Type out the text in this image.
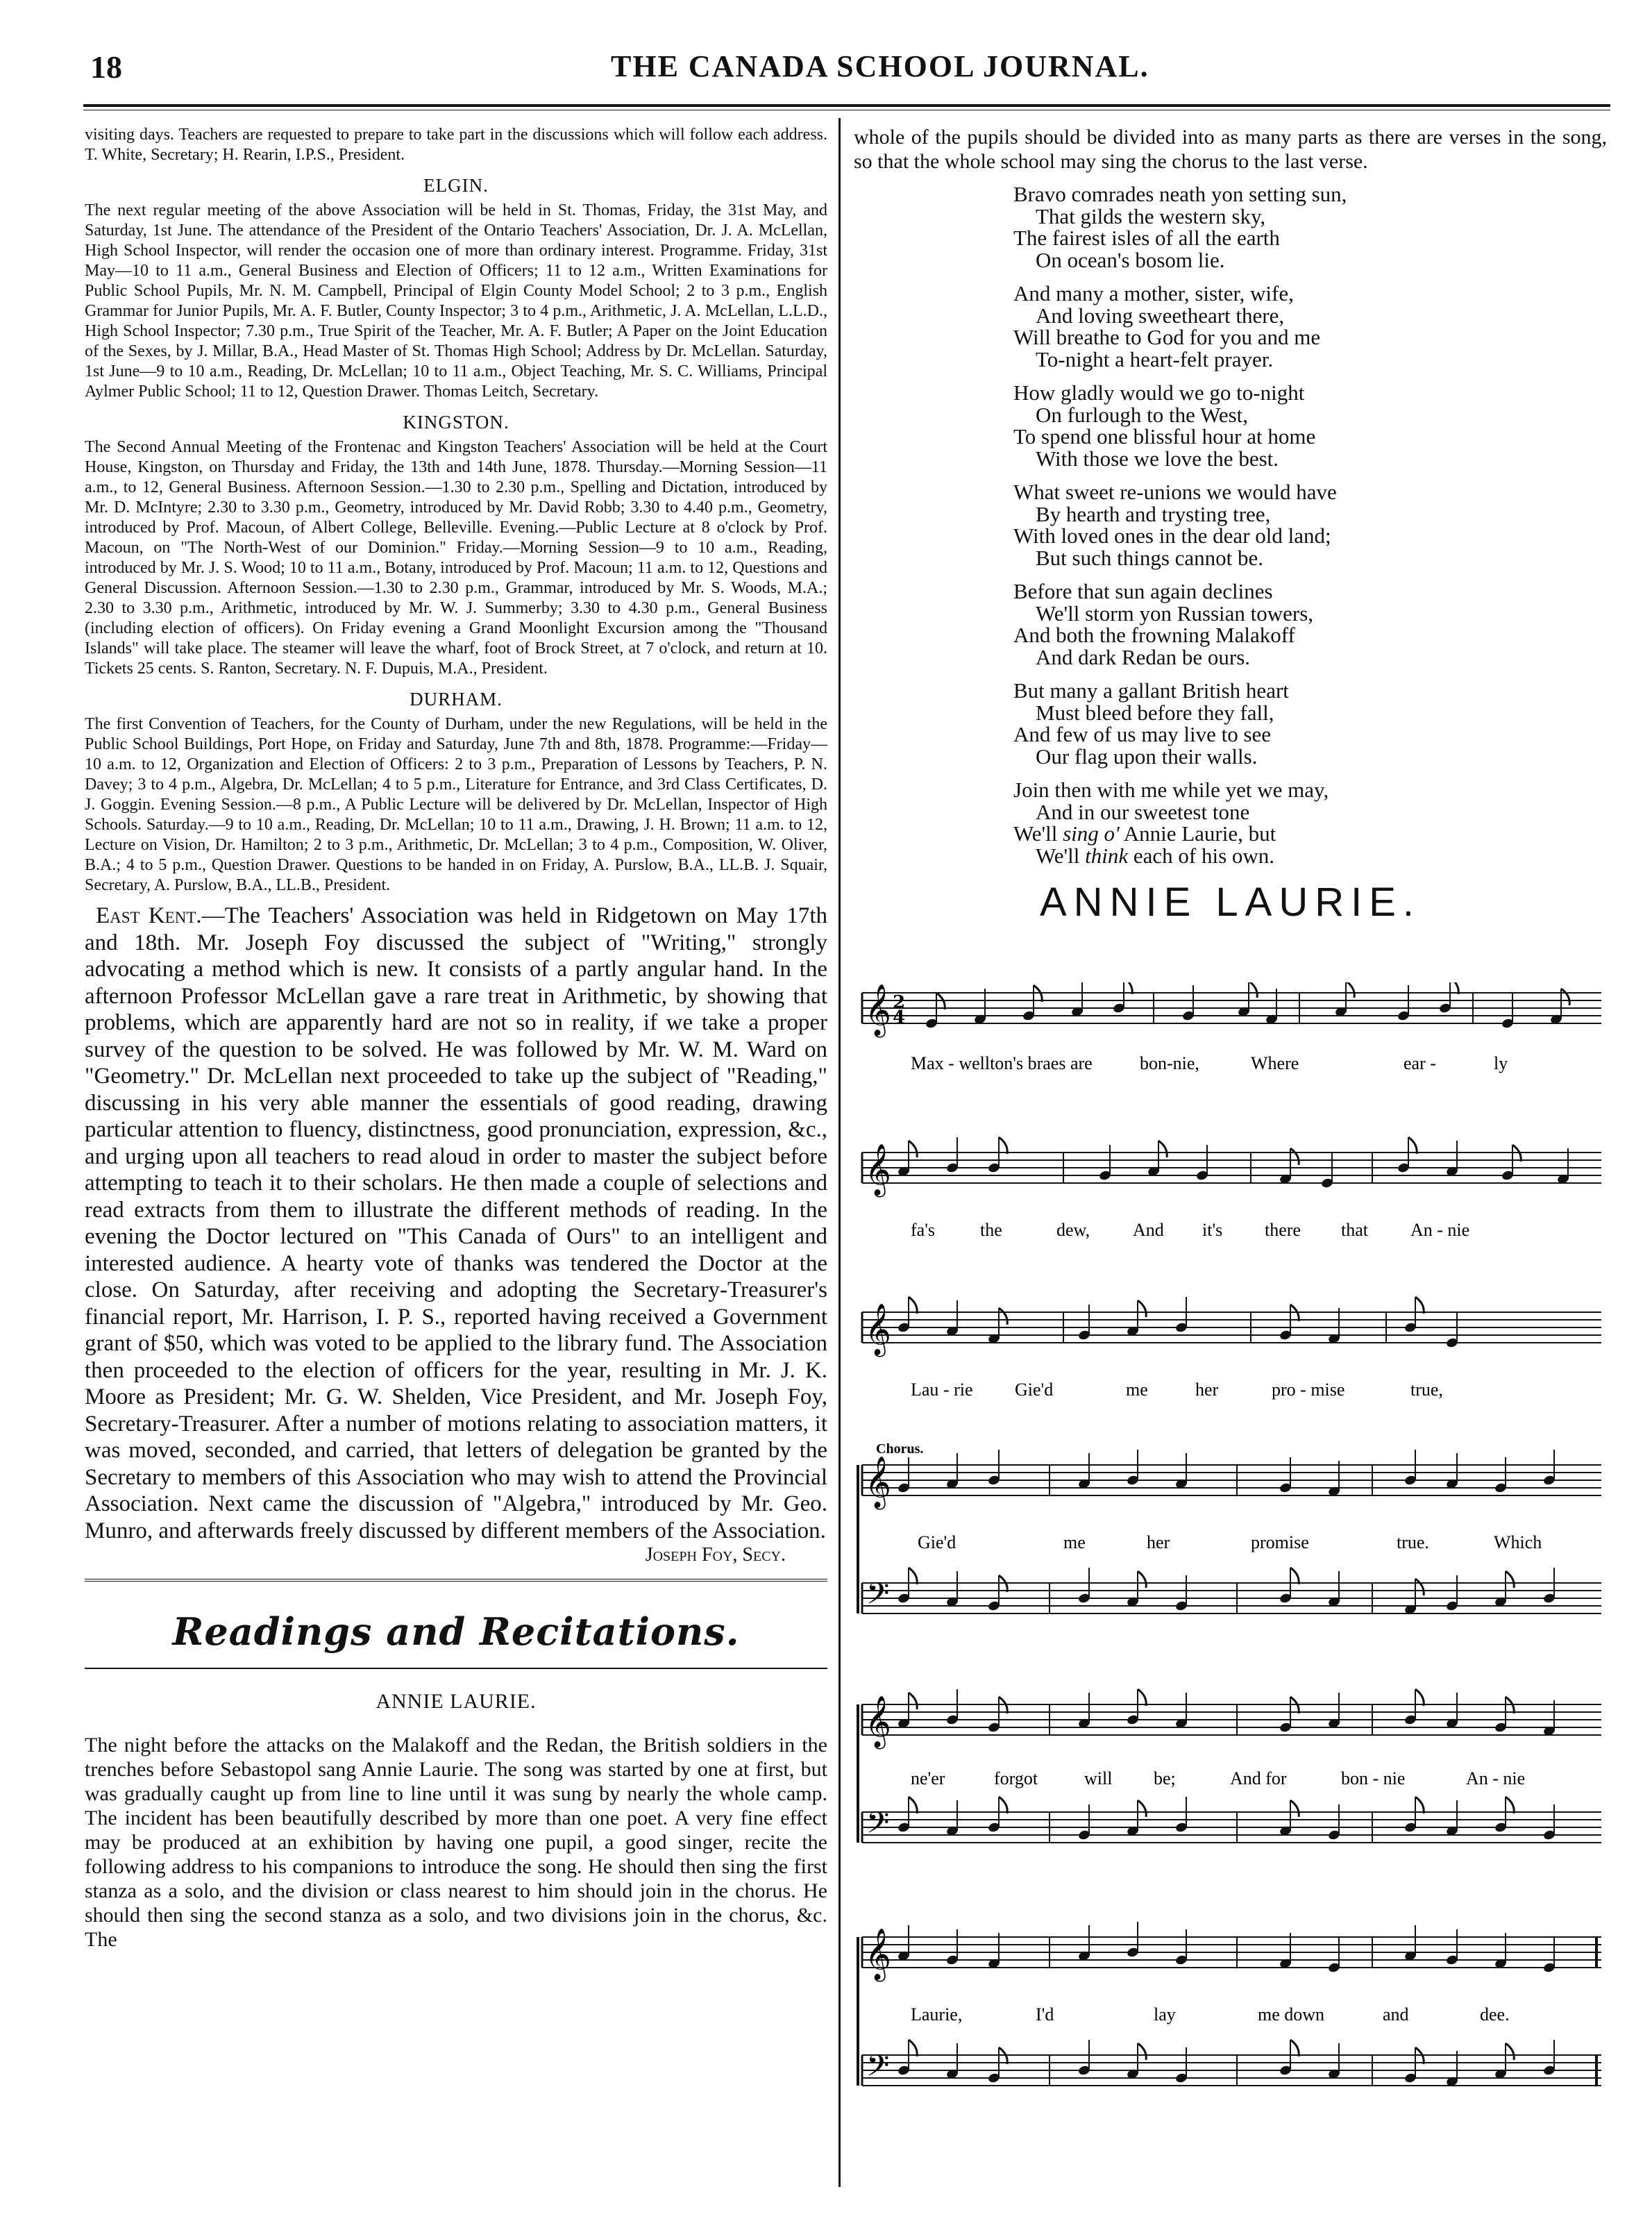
18	THE CANADA SCHOOL JOURNAL.

visiting days. Teachers are requested to prepare to take part in the discussions which will follow each address. T. White, Secretary; H. Rearin, I.P.S., President.

ELGIN.

The next regular meeting of the above Association will be held in St. Thomas, Friday, the 31st May, and Saturday, 1st June. The attendance of the President of the Ontario Teachers' Association, Dr. J. A. McLellan, High School Inspector, will render the occasion one of more than ordinary interest. Programme. Friday, 31st May—10 to 11 a.m., General Business and Election of Officers; 11 to 12 a.m., Written Examinations for Public School Pupils, Mr. N. M. Campbell, Principal of Elgin County Model School; 2 to 3 p.m., English Grammar for Junior Pupils, Mr. A. F. Butler, County Inspector; 3 to 4 p.m., Arithmetic, J. A. McLellan, L.L.D., High School Inspector; 7.30 p.m., True Spirit of the Teacher, Mr. A. F. Butler; A Paper on the Joint Education of the Sexes, by J. Millar, B.A., Head Master of St. Thomas High School; Address by Dr. McLellan. Saturday, 1st June—9 to 10 a.m., Reading, Dr. McLellan; 10 to 11 a.m., Object Teaching, Mr. S. C. Williams, Principal Aylmer Public School; 11 to 12, Question Drawer. Thomas Leitch, Secretary.

KINGSTON.

The Second Annual Meeting of the Frontenac and Kingston Teachers' Association will be held at the Court House, Kingston, on Thursday and Friday, the 13th and 14th June, 1878. Thursday.—Morning Session—11 a.m., to 12, General Business. Afternoon Session.—1.30 to 2.30 p.m., Spelling and Dictation, introduced by Mr. D. McIntyre; 2.30 to 3.30 p.m., Geometry, introduced by Mr. David Robb; 3.30 to 4.40 p.m., Geometry, introduced by Prof. Macoun, of Albert College, Belleville. Evening.—Public Lecture at 8 o'clock by Prof. Macoun, on "The North-West of our Dominion." Friday.—Morning Session—9 to 10 a.m., Reading, introduced by Mr. J. S. Wood; 10 to 11 a.m., Botany, introduced by Prof. Macoun; 11 a.m. to 12, Questions and General Discussion. Afternoon Session.—1.30 to 2.30 p.m., Grammar, introduced by Mr. S. Woods, M.A.; 2.30 to 3.30 p.m., Arithmetic, introduced by Mr. W. J. Summerby; 3.30 to 4.30 p.m., General Business (including election of officers). On Friday evening a Grand Moonlight Excursion among the "Thousand Islands" will take place. The steamer will leave the wharf, foot of Brock Street, at 7 o'clock, and return at 10. Tickets 25 cents. S. Ranton, Secretary. N. F. Dupuis, M.A., President.

DURHAM.

The first Convention of Teachers, for the County of Durham, under the new Regulations, will be held in the Public School Buildings, Port Hope, on Friday and Saturday, June 7th and 8th, 1878. Programme:—Friday—10 a.m. to 12, Organization and Election of Officers: 2 to 3 p.m., Preparation of Lessons by Teachers, P. N. Davey; 3 to 4 p.m., Algebra, Dr. McLellan; 4 to 5 p.m., Literature for Entrance, and 3rd Class Certificates, D. J. Goggin. Evening Session.—8 p.m., A Public Lecture will be delivered by Dr. McLellan, Inspector of High Schools. Saturday.—9 to 10 a.m., Reading, Dr. McLellan; 10 to 11 a.m., Drawing, J. H. Brown; 11 a.m. to 12, Lecture on Vision, Dr. Hamilton; 2 to 3 p.m., Arithmetic, Dr. McLellan; 3 to 4 p.m., Composition, W. Oliver, B.A.; 4 to 5 p.m., Question Drawer. Questions to be handed in on Friday, A. Purslow, B.A., LL.B. J. Squair, Secretary, A. Purslow, B.A., LL.B., President.

East Kent.—The Teachers' Association was held in Ridgetown on May 17th and 18th. Mr. Joseph Foy discussed the subject of "Writing," strongly advocating a method which is new. It consists of a partly angular hand. In the afternoon Professor McLellan gave a rare treat in Arithmetic, by showing that problems, which are apparently hard are not so in reality, if we take a proper survey of the question to be solved. He was followed by Mr. W. M. Ward on "Geometry." Dr. McLellan next proceeded to take up the subject of "Reading," discussing in his very able manner the essentials of good reading, drawing particular attention to fluency, distinctness, good pronunciation, expression, &c., and urging upon all teachers to read aloud in order to master the subject before attempting to teach it to their scholars. He then made a couple of selections and read extracts from them to illustrate the different methods of reading. In the evening the Doctor lectured on "This Canada of Ours" to an intelligent and interested audience. A hearty vote of thanks was tendered the Doctor at the close. On Saturday, after receiving and adopting the Secretary-Treasurer's financial report, Mr. Harrison, I. P. S., reported having received a Government grant of $50, which was voted to be applied to the library fund. The Association then proceeded to the election of officers for the year, resulting in Mr. J. K. Moore as President; Mr. G. W. Shelden, Vice President, and Mr. Joseph Foy, Secretary-Treasurer. After a number of motions relating to association matters, it was moved, seconded, and carried, that letters of delegation be granted by the Secretary to members of this Association who may wish to attend the Provincial Association. Next came the discussion of "Algebra," introduced by Mr. Geo. Munro, and afterwards freely discussed by different members of the Association.

Joseph Foy, Secy.
Readings and Recitations.
ANNIE LAURIE.

The night before the attacks on the Malakoff and the Redan, the British soldiers in the trenches before Sebastopol sang Annie Laurie. The song was started by one at first, but was gradually caught up from line to line until it was sung by nearly the whole camp. The incident has been beautifully described by more than one poet. A very fine effect may be produced at an exhibition by having one pupil, a good singer, recite the following address to his companions to introduce the song. He should then sing the first stanza as a solo, and the division or class nearest to him should join in the chorus. He should then sing the second stanza as a solo, and two divisions join in the chorus, &c. The

whole of the pupils should be divided into as many parts as there are verses in the song, so that the whole school may sing the chorus to the last verse.

Bravo comrades neath yon setting sun,
That gilds the western sky,
The fairest isles of all the earth
On ocean's bosom lie.
And many a mother, sister, wife,
And loving sweetheart there,
Will breathe to God for you and me
To-night a heart-felt prayer.
How gladly would we go to-night
On furlough to the West,
To spend one blissful hour at home
With those we love the best.
What sweet re-unions we would have
By hearth and trysting tree,
With loved ones in the dear old land;
But such things cannot be.
Before that sun again declines
We'll storm yon Russian towers,
And both the frowning Malakoff
And dark Redan be ours.
But many a gallant British heart
Must bleed before they fall,
And few of us may live to see
Our flag upon their walls.
Join then with me while yet we may,
And in our sweetest tone
We'll sing o' Annie Laurie, but
We'll think each of his own.
ANNIE LAURIE.
𝄞 2
4
Max - wellton's braes are	bon-nie,	Where	ear -	ly
𝄞
fa's the	dew, And it's there that An - nie
𝄞
Lau - rie Gie'd	me	her	pro - mise	true,
Chorus.
𝄞
Gie'd	me	her	promise	true.	Which
𝄢
𝄞
ne'er	forgot	will be;	And for	bon - nie	An - nie
𝄢
𝄞
Laurie,	I'd	lay	me down	and	dee.
𝄢
